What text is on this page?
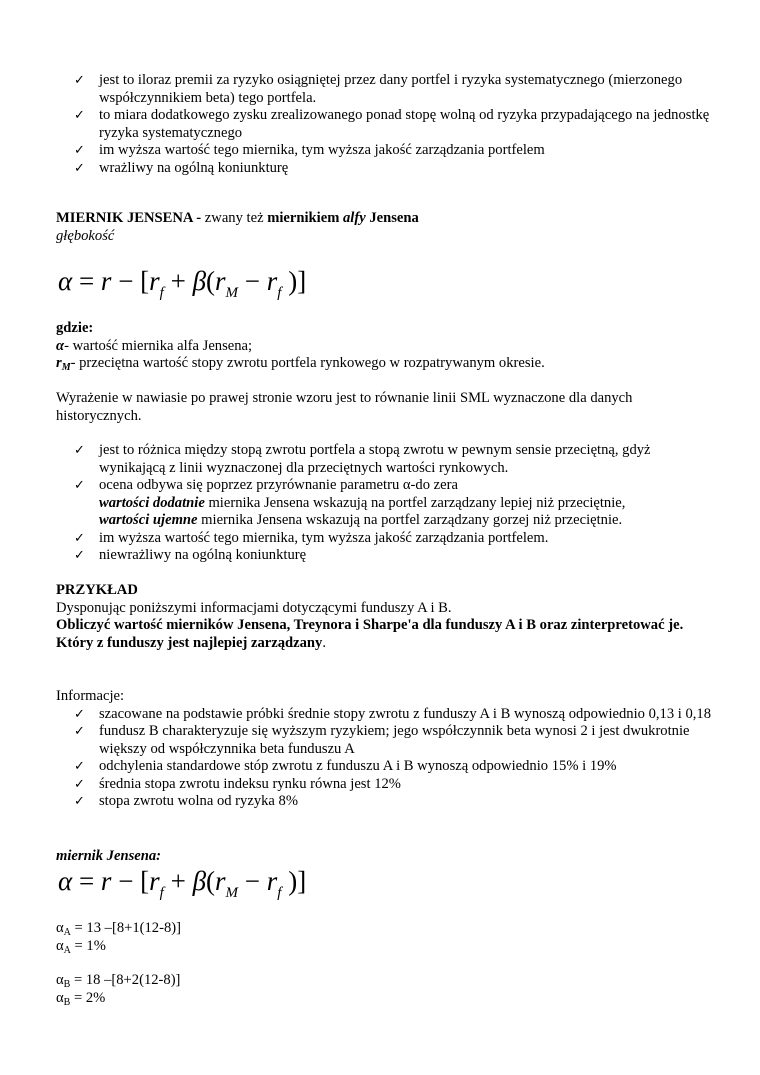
✓ jest to iloraz premii za ryzyko osiągniętej przez dany portfel i ryzyka systematycznego (mierzonego współczynnikiem beta) tego portfela.
✓ to miara dodatkowego zysku zrealizowanego ponad stopę wolną od ryzyka przypadającego na jednostkę ryzyka systematycznego
✓ im wyższa wartość tego miernika, tym wyższa jakość zarządzania portfelem
✓ wrażliwy na ogólną koniunkturę
MIERNIK JENSENA - zwany też miernikiem alfy Jensena
głębokość
$\alpha = r - [r_f + \beta(r_M - r_f$ )]

gdzie:

α- wartość miernika alfa Jensena;

$r_M-$ przeciętna wartość stopy zwrotu portfela rynkowego w rozpatrywanym okresie.

Wyrażenie w nawiasie po prawej stronie wzoru jest to równanie linii SML wyznaczone dla danych historycznych.

✓ jest to różnica między stopą zwrotu portfela a stopą zwrotu w pewnym sensie przeciętną, gdyż wynikającą z linii wyznaczonej dla przeciętnych wartości rynkowych.
✓ ocena odbywa się poprzez przyrównanie parametru α-do zera
wartości dodatnie miernika Jensena wskazują na portfel zarządzany lepiej niż przeciętnie,
wartości ujemne miernika Jensena wskazują na portfel zarządzany gorzej niż przeciętnie.
✓ im wyższa wartość tego miernika, tym wyższa jakość zarządzania portfelem.
✓ niewrażliwy na ogólną koniunkturę

PRZYKŁAD

Dysponując poniższymi informacjami dotyczącymi funduszy A i B.

Obliczyć wartość mierników Jensena, Treynora i Sharpe'a dla funduszy A i B oraz zinterpretować je.

Który z funduszy jest najlepiej zarządzany.

Informacje:

✓ szacowane na podstawie próbki średnie stopy zwrotu z funduszy A i B wynoszą odpowiednio 0,13 i 0,18
✓ fundusz B charakteryzuje się wyższym ryzykiem; jego współczynnik beta wynosi 2 i jest dwukrotnie większy od współczynnika beta funduszu A
✓ odchylenia standardowe stóp zwrotu z funduszu A i B wynoszą odpowiednio 15% i 19%
✓ średnia stopa zwrotu indeksu rynku równa jest 12%
✓ stopa zwrotu wolna od ryzyka 8%
miernik Jensena:
$\alpha = r - [r_f + \beta(r_M - r_f$ )]

$\alpha_A = 13$ –[8+1(12-8)]

$\alpha_A = 1\%$

$\alpha_B = 18$ –[8+2(12-8)]

$\alpha_B = 2\%$
